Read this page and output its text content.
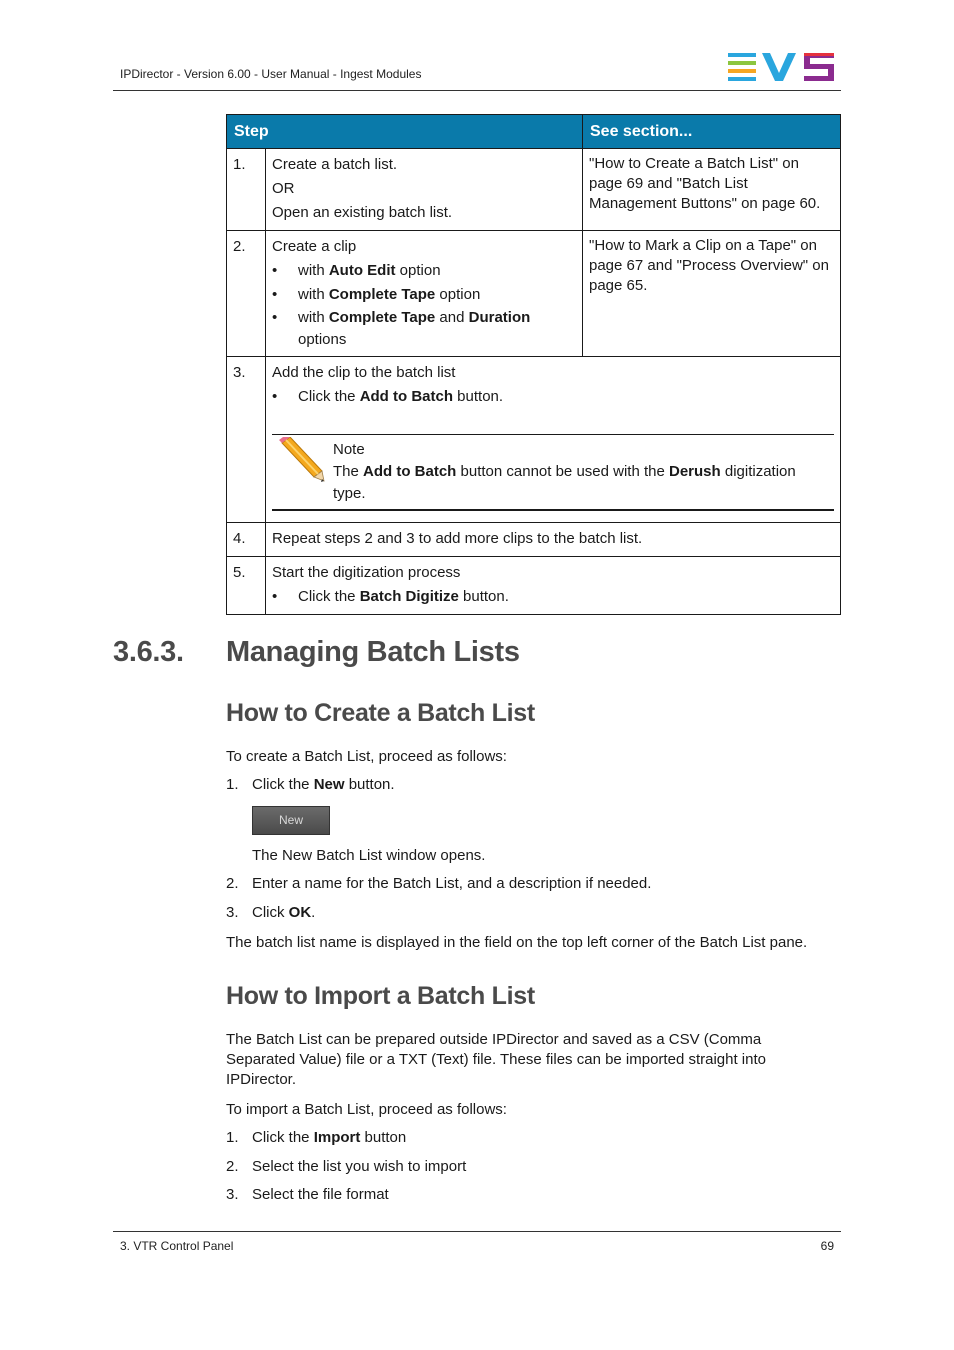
IPDirector - Version 6.00 - User Manual - Ingest Modules
Step		See section...
1.	Create a batch list.
OR
Open an existing batch list.	"How to Create a Batch List" on page 69 and "Batch List Management Buttons" on page 60.
2.	Create a clip
• with Auto Edit option
• with Complete Tape option
• with Complete Tape and Duration
options	"How to Mark a Clip on a Tape" on page 67 and "Process Overview" on page 65.
3.	Add the clip to the batch list
• Click the Add to Batch button.
Note
The Add to Batch button cannot be used with the Derush digitization type.

4.	Repeat steps 2 and 3 to add more clips to the batch list.	

5.	Start the digitization process
• Click the Batch Digitize button.
3.6.3. Managing Batch Lists
How to Create a Batch List
To create a Batch List, proceed as follows:
1. Click the New button.
New
The New Batch List window opens.
2. Enter a name for the Batch List, and a description if needed.
3. Click OK.
The batch list name is displayed in the field on the top left corner of the Batch List pane.
How to Import a Batch List
The Batch List can be prepared outside IPDirector and saved as a CSV (Comma Separated Value) file or a TXT (Text) file. These files can be imported straight into IPDirector.
To import a Batch List, proceed as follows:
1. Click the Import button
2. Select the list you wish to import
3. Select the file format
3. VTR Control Panel	69
